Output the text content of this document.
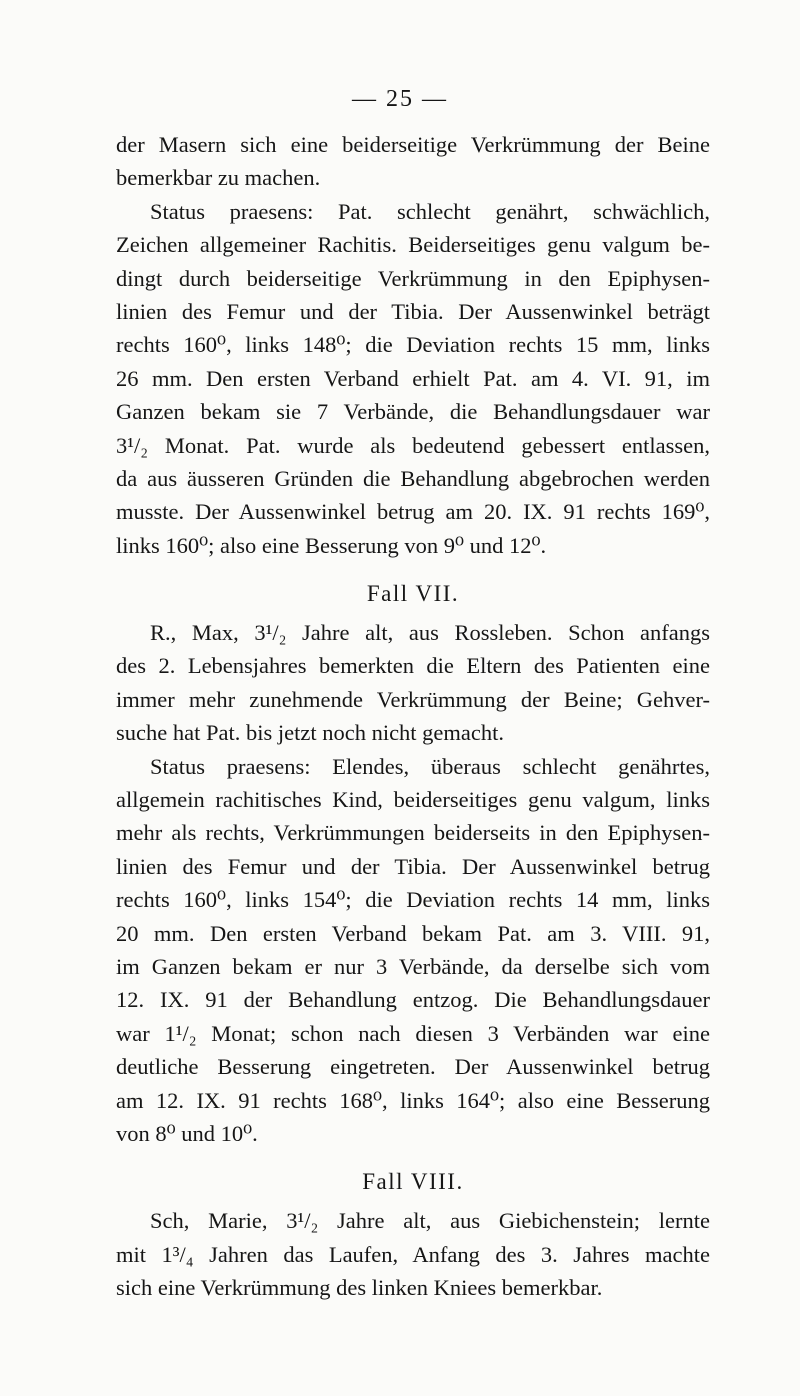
— 25 —
der Masern sich eine beiderseitige Verkrümmung der Beine
bemerkbar zu machen.
Status praesens: Pat. schlecht genährt, schwächlich,
Zeichen allgemeiner Rachitis. Beiderseitiges genu valgum be-
dingt durch beiderseitige Verkrümmung in den Epiphysen-
linien des Femur und der Tibia. Der Aussenwinkel beträgt
rechts 160⁰, links 148⁰; die Deviation rechts 15 mm, links
26 mm. Den ersten Verband erhielt Pat. am 4. VI. 91, im
Ganzen bekam sie 7 Verbände, die Behandlungsdauer war
3¹/₂ Monat. Pat. wurde als bedeutend gebessert entlassen,
da aus äusseren Gründen die Behandlung abgebrochen werden
musste. Der Aussenwinkel betrug am 20. IX. 91 rechts 169⁰,
links 160⁰; also eine Besserung von 9⁰ und 12⁰.
Fall VII.
R., Max, 3¹/₂ Jahre alt, aus Rossleben. Schon anfangs
des 2. Lebensjahres bemerkten die Eltern des Patienten eine
immer mehr zunehmende Verkrümmung der Beine; Gehver-
suche hat Pat. bis jetzt noch nicht gemacht.
Status praesens: Elendes, überaus schlecht genährtes,
allgemein rachitisches Kind, beiderseitiges genu valgum, links
mehr als rechts, Verkrümmungen beiderseits in den Epiphysen-
linien des Femur und der Tibia. Der Aussenwinkel betrug
rechts 160⁰, links 154⁰; die Deviation rechts 14 mm, links
20 mm. Den ersten Verband bekam Pat. am 3. VIII. 91,
im Ganzen bekam er nur 3 Verbände, da derselbe sich vom
12. IX. 91 der Behandlung entzog. Die Behandlungsdauer
war 1¹/₂ Monat; schon nach diesen 3 Verbänden war eine
deutliche Besserung eingetreten. Der Aussenwinkel betrug
am 12. IX. 91 rechts 168⁰, links 164⁰; also eine Besserung
von 8⁰ und 10⁰.
Fall VIII.
Sch, Marie, 3¹/₂ Jahre alt, aus Giebichenstein; lernte
mit 1³/₄ Jahren das Laufen, Anfang des 3. Jahres machte
sich eine Verkrümmung des linken Kniees bemerkbar.
